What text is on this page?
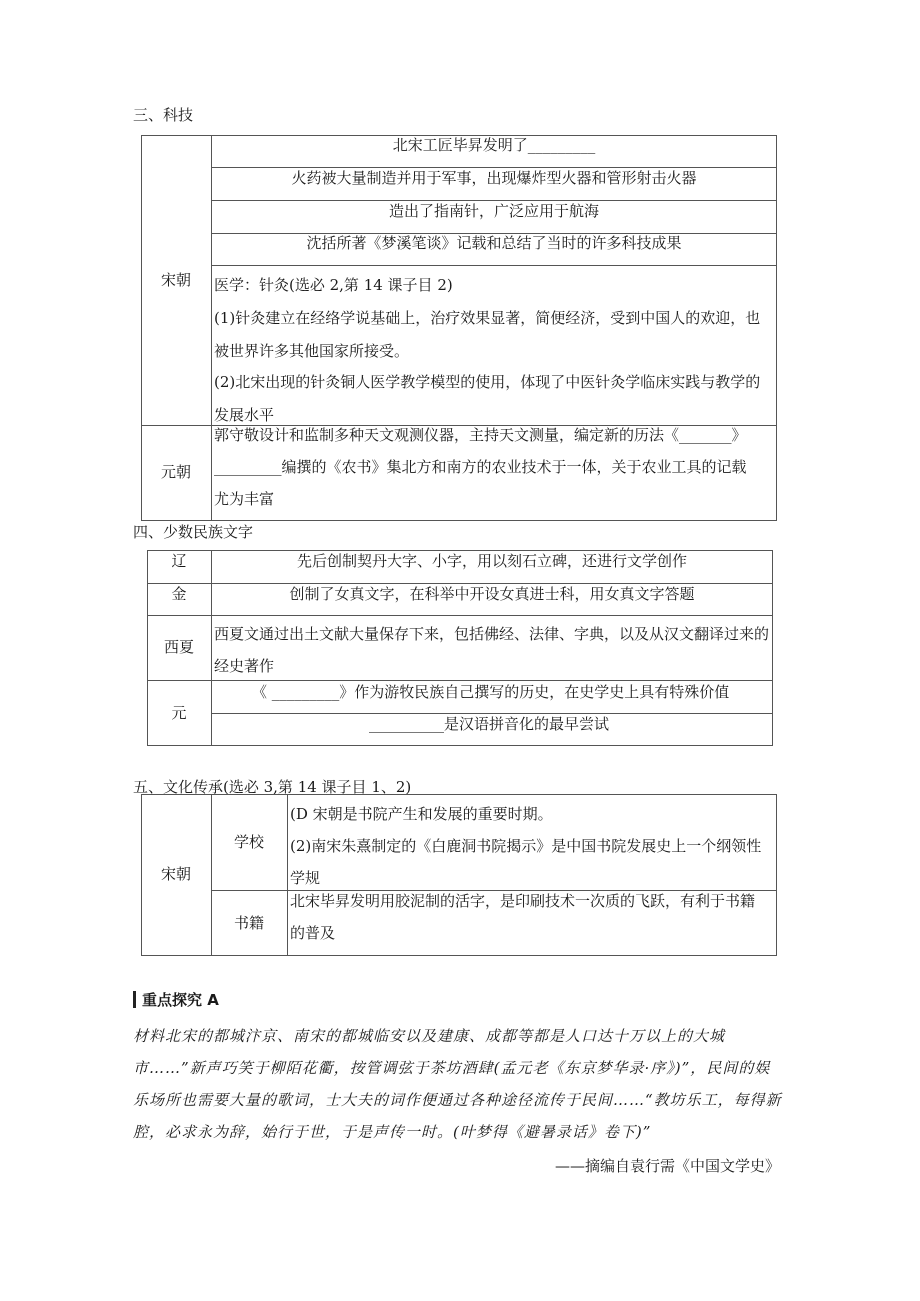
三、科技
宋朝
元朝
北宋工匠毕昇发明了_________
火药被大量制造并用于军事，出现爆炸型火器和管形射击火器
造出了指南针，广泛应用于航海
沈括所著《梦溪笔谈》记载和总结了当时的许多科技成果
医学：针灸(选必 2,第 14 课子目 2)
(1)针灸建立在经络学说基础上，治疗效果显著，简便经济，受到中国人的欢迎，也被世界许多其他国家所接受。
(2)北宋出现的针灸铜人医学教学模型的使用，体现了中医针灸学临床实践与教学的发展水平
郭守敬设计和监制多种天文观测仪器，主持天文测量，编定新的历法《_______》
_________编撰的《农书》集北方和南方的农业技术于一体，关于农业工具的记载尤为丰富
四、少数民族文字
辽	先后创制契丹大字、小字，用以刻石立碑，还进行文学创作
金	创制了女真文字，在科举中开设女真进士科，用女真文字答题
西夏
西夏文通过出土文献大量保存下来，包括佛经、法律、字典，以及从汉文翻译过来的经史著作
元
《 _________》作为游牧民族自己撰写的历史，在史学史上具有特殊价值
__________是汉语拼音化的最早尝试
五、文化传承(选必 3,第 14 课子目 1、2)
宋朝
学校
书籍
(D 宋朝是书院产生和发展的重要时期。
(2)南宋朱熹制定的《白鹿洞书院揭示》是中国书院发展史上一个纲领性学规
北宋毕昇发明用胶泥制的活字，是印刷技术一次质的飞跃，有利于书籍的普及
重点探究 A
材料北宋的都城汴京、南宋的都城临安以及建康、成都等都是人口达十万以上的大城市……”新声巧笑于柳陌花衢，按管调弦于茶坊酒肆(孟元老《东京梦华录·序》)”，民间的娱乐场所也需要大量的歌词，士大夫的词作便通过各种途径流传于民间……“教坊乐工，每得新腔，必求永为辞，始行于世，于是声传一时。(叶梦得《避暑录话》卷下)”
——摘编自袁行需《中国文学史》
